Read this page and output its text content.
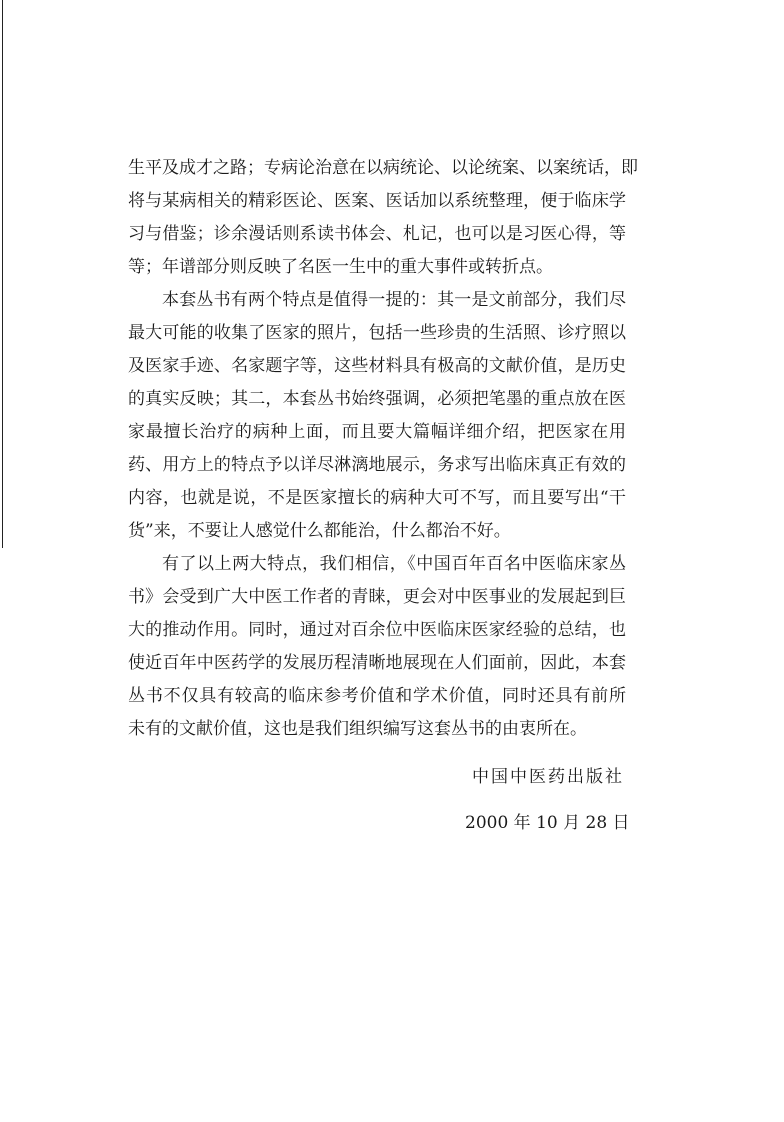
生平及成才之路；专病论治意在以病统论、以论统案、以案统话，即
将与某病相关的精彩医论、医案、医话加以系统整理，便于临床学
习与借鉴；诊余漫话则系读书体会、札记，也可以是习医心得，等
等；年谱部分则反映了名医一生中的重大事件或转折点。
本套丛书有两个特点是值得一提的：其一是文前部分，我们尽
最大可能的收集了医家的照片，包括一些珍贵的生活照、诊疗照以
及医家手迹、名家题字等，这些材料具有极高的文献价值，是历史
的真实反映；其二，本套丛书始终强调，必须把笔墨的重点放在医
家最擅长治疗的病种上面，而且要大篇幅详细介绍，把医家在用
药、用方上的特点予以详尽淋漓地展示，务求写出临床真正有效的
内容，也就是说，不是医家擅长的病种大可不写，而且要写出“干
货”来，不要让人感觉什么都能治，什么都治不好。
有了以上两大特点，我们相信，《中国百年百名中医临床家丛
书》会受到广大中医工作者的青睐，更会对中医事业的发展起到巨
大的推动作用。同时，通过对百余位中医临床医家经验的总结，也
使近百年中医药学的发展历程清晰地展现在人们面前，因此，本套
丛书不仅具有较高的临床参考价值和学术价值，同时还具有前所
未有的文献价值，这也是我们组织编写这套丛书的由衷所在。
中国中医药出版社
2000 年 10 月 28 日
